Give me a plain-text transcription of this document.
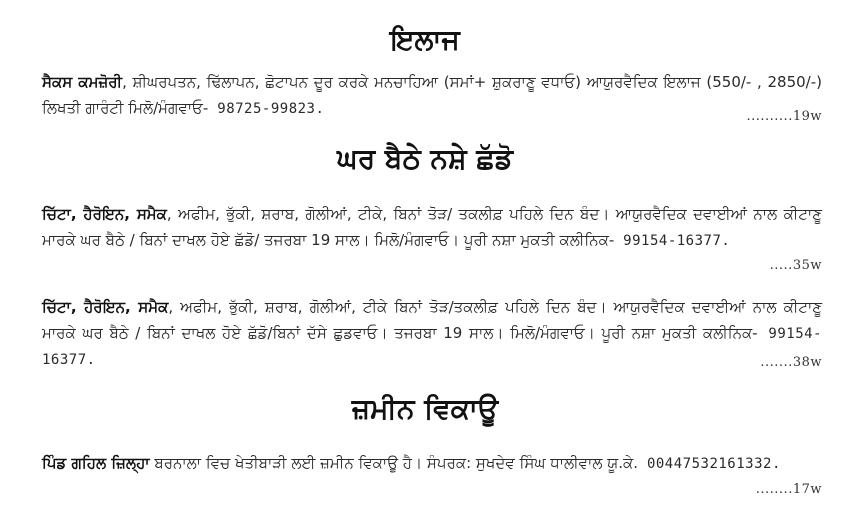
ਇਲਾਜ
ਸੈਕਸ ਕਮਜ਼ੋਰੀ, ਸ਼ੀਘਰਪਤਨ, ਢਿੱਲਾਪਨ, ਛੋਟਾਪਨ ਦੂਰ ਕਰਕੇ ਮਨਚਾਹਿਆ (ਸਮਾਂ+ ਸ਼ੁਕਰਾਣੂ ਵਧਾਓ) ਆਯੁਰਵੈਦਿਕ ਇਲਾਜ (550/- , 2850/-) ਲਿਖਤੀ ਗਾਰੰਟੀ ਮਿਲੋ/ਮੰਗਵਾਓ- 98725-99823.	..........19w
ਘਰ ਬੈਠੇ ਨਸ਼ੇ ਛੱਡੋ
ਚਿੱਟਾ, ਹੈਰੋਇਨ, ਸਮੈਕ, ਅਫੀਮ, ਭੁੱਕੀ, ਸ਼ਰਾਬ, ਗੋਲੀਆਂ, ਟੀਕੇ, ਬਿਨਾਂ ਤੋੜ/ ਤਕਲੀਫ਼ ਪਹਿਲੇ ਦਿਨ ਬੰਦ। ਆਯੁਰਵੈਦਿਕ ਦਵਾਈਆਂ ਨਾਲ ਕੀਟਾਣੂ ਮਾਰਕੇ ਘਰ ਬੈਠੇ / ਬਿਨਾਂ ਦਾਖਲ ਹੋਏ ਛੱਡੋ/ ਤਜਰਬਾ 19 ਸਾਲ। ਮਿਲੋ/ਮੰਗਵਾਓ। ਪੂਰੀ ਨਸ਼ਾ ਮੁਕਤੀ ਕਲੀਨਿਕ- 99154-16377.
.....35w
ਚਿੱਟਾ, ਹੈਰੋਇਨ, ਸਮੈਕ, ਅਫੀਮ, ਭੁੱਕੀ, ਸ਼ਰਾਬ, ਗੋਲੀਆਂ, ਟੀਕੇ ਬਿਨਾਂ ਤੋੜ/ਤਕਲੀਫ਼ ਪਹਿਲੇ ਦਿਨ ਬੰਦ। ਆਯੁਰਵੈਦਿਕ ਦਵਾਈਆਂ ਨਾਲ ਕੀਟਾਣੂ ਮਾਰਕੇ ਘਰ ਬੈਠੇ / ਬਿਨਾਂ ਦਾਖਲ ਹੋਏ ਛੱਡੋ/ਬਿਨਾਂ ਦੱਸੇ ਛੁਡਵਾਓ। ਤਜਰਬਾ 19 ਸਾਲ। ਮਿਲੋ/ਮੰਗਵਾਓ। ਪੂਰੀ ਨਸ਼ਾ ਮੁਕਤੀ ਕਲੀਨਿਕ- 99154-16377.	.......38w
ਜ਼ਮੀਨ ਵਿਕਾਊ
ਪਿੰਡ ਗਹਿਲ ਜ਼ਿਲ੍ਹਾ ਬਰਨਾਲਾ ਵਿਚ ਖੇਤੀਬਾੜੀ ਲਈ ਜ਼ਮੀਨ ਵਿਕਾਊ ਹੈ। ਸੰਪਰਕ: ਸੁਖਦੇਵ ਸਿੰਘ ਧਾਲੀਵਾਲ ਯੂ.ਕੇ. 00447532161332.
........17w
